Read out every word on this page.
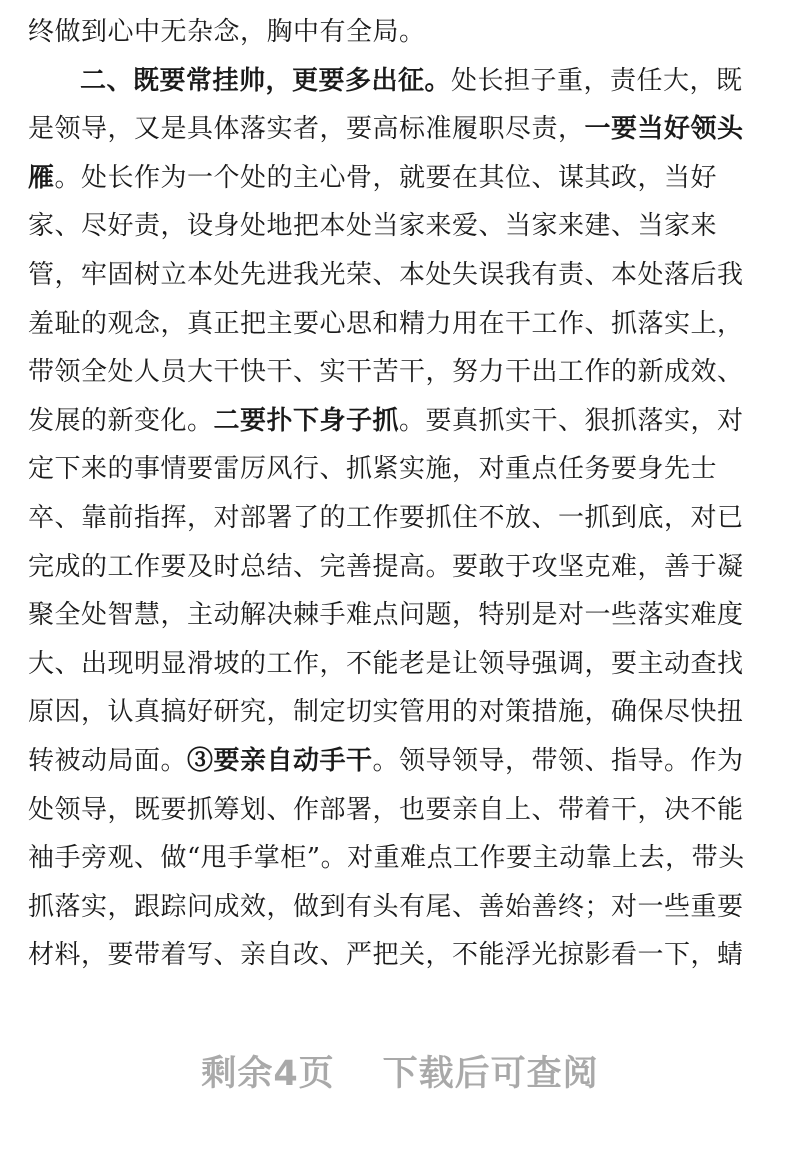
终做到心中无杂念，胸中有全局。
二、既要常挂帅，更要多出征。处长担子重，责任大，既
是领导，又是具体落实者，要高标准履职尽责，一要当好领头
雁。处长作为一个处的主心骨，就要在其位、谋其政，当好
家、尽好责，设身处地把本处当家来爱、当家来建、当家来
管，牢固树立本处先进我光荣、本处失误我有责、本处落后我
羞耻的观念，真正把主要心思和精力用在干工作、抓落实上，
带领全处人员大干快干、实干苦干，努力干出工作的新成效、
发展的新变化。二要扑下身子抓。要真抓实干、狠抓落实，对
定下来的事情要雷厉风行、抓紧实施，对重点任务要身先士
卒、靠前指挥，对部署了的工作要抓住不放、一抓到底，对已
完成的工作要及时总结、完善提高。要敢于攻坚克难，善于凝
聚全处智慧，主动解决棘手难点问题，特别是对一些落实难度
大、出现明显滑坡的工作，不能老是让领导强调，要主动查找
原因，认真搞好研究，制定切实管用的对策措施，确保尽快扭
转被动局面。③要亲自动手干。领导领导，带领、指导。作为
处领导，既要抓筹划、作部署，也要亲自上、带着干，决不能
袖手旁观、做“甩手掌柜”。对重难点工作要主动靠上去，带头
抓落实，跟踪问成效，做到有头有尾、善始善终；对一些重要
材料，要带着写、亲自改、严把关，不能浮光掠影看一下，蜻
剩余4页 下载后可查阅
